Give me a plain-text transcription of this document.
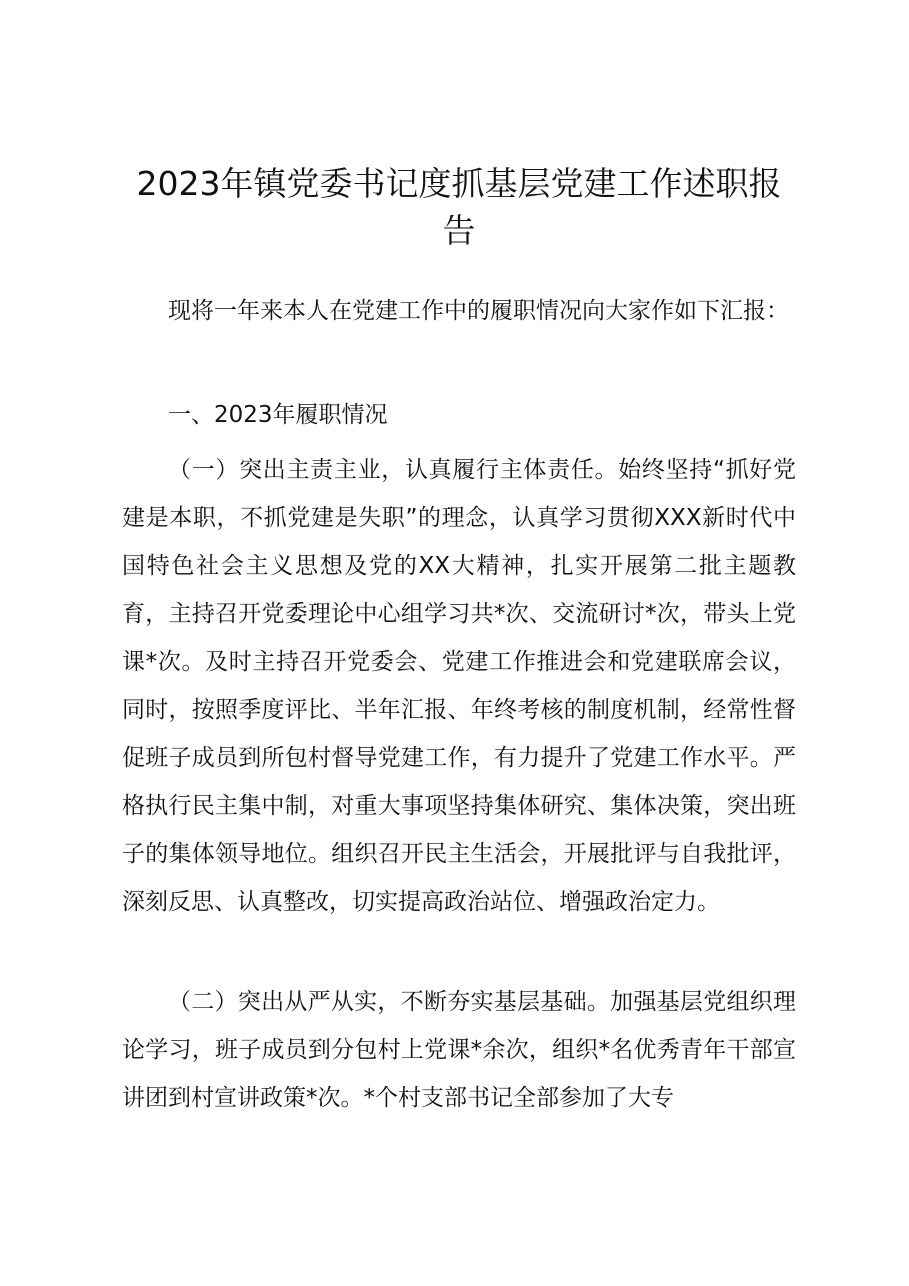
2023年镇党委书记度抓基层党建工作述职报告

现将一年来本人在党建工作中的履职情况向大家作如下汇报：

一、2023年履职情况

（一）突出主责主业，认真履行主体责任。始终坚持“抓好党建是本职，不抓党建是失职”的理念，认真学习贯彻XXX新时代中国特色社会主义思想及党的XX大精神，扎实开展第二批主题教育，主持召开党委理论中心组学习共*次、交流研讨*次，带头上党课*次。及时主持召开党委会、党建工作推进会和党建联席会议，同时，按照季度评比、半年汇报、年终考核的制度机制，经常性督促班子成员到所包村督导党建工作，有力提升了党建工作水平。严格执行民主集中制，对重大事项坚持集体研究、集体决策，突出班子的集体领导地位。组织召开民主生活会，开展批评与自我批评，深刻反思、认真整改，切实提高政治站位、增强政治定力。

（二）突出从严从实，不断夯实基层基础。加强基层党组织理论学习，班子成员到分包村上党课*余次，组织*名优秀青年干部宣讲团到村宣讲政策*次。*个村支部书记全部参加了大专
